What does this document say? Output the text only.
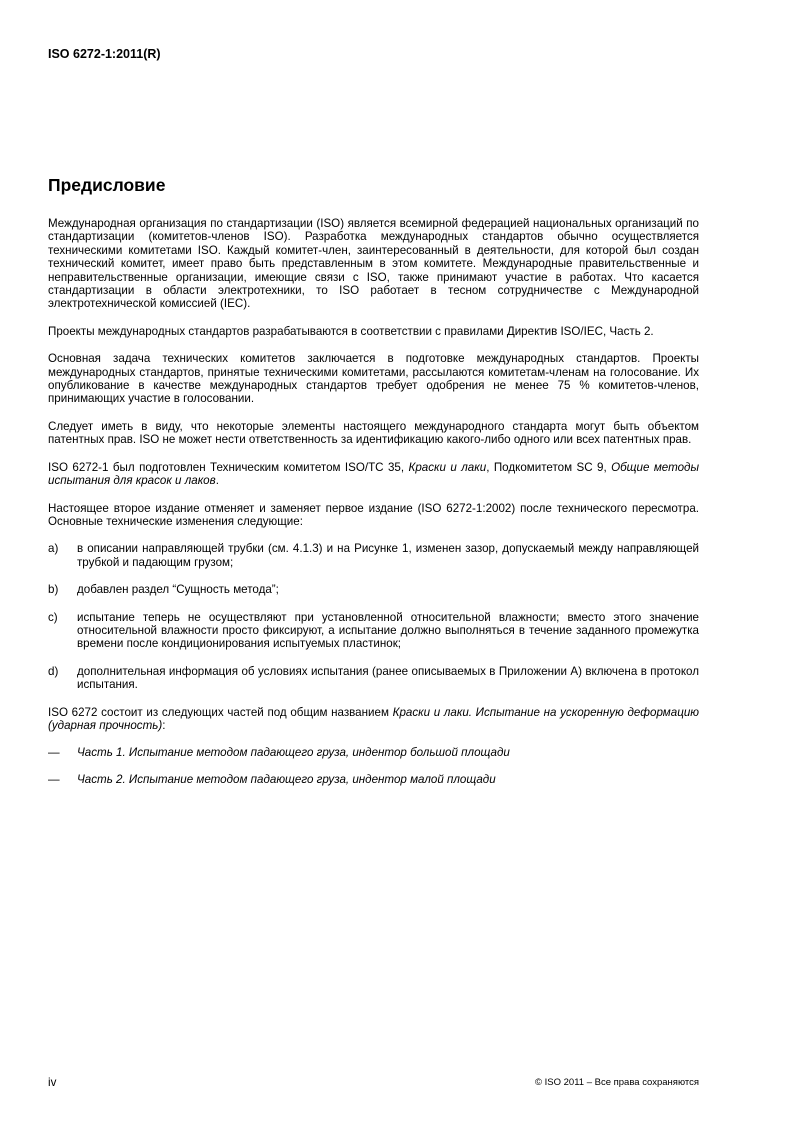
ISO 6272-1:2011(R)

Предисловие

Международная организация по стандартизации (ISO) является всемирной федерацией национальных организаций по стандартизации (комитетов-членов ISO). Разработка международных стандартов обычно осуществляется техническими комитетами ISO. Каждый комитет-член, заинтересованный в деятельности, для которой был создан технический комитет, имеет право быть представленным в этом комитете. Международные правительственные и неправительственные организации, имеющие связи с ISO, также принимают участие в работах. Что касается стандартизации в области электротехники, то ISO работает в тесном сотрудничестве с Международной электротехнической комиссией (IEC).

Проекты международных стандартов разрабатываются в соответствии с правилами Директив ISO/IEC, Часть 2.

Основная задача технических комитетов заключается в подготовке международных стандартов. Проекты международных стандартов, принятые техническими комитетами, рассылаются комитетам-членам на голосование. Их опубликование в качестве международных стандартов требует одобрения не менее 75 % комитетов-членов, принимающих участие в голосовании.

Следует иметь в виду, что некоторые элементы настоящего международного стандарта могут быть объектом патентных прав. ISO не может нести ответственность за идентификацию какого-либо одного или всех патентных прав.

ISO 6272-1 был подготовлен Техническим комитетом ISO/TC 35, Краски и лаки, Подкомитетом SC 9, Общие методы испытания для красок и лаков.

Настоящее второе издание отменяет и заменяет первое издание (ISO 6272-1:2002) после технического пересмотра. Основные технические изменения следующие:

a)	в описании направляющей трубки (см. 4.1.3) и на Рисунке 1, изменен зазор, допускаемый между направляющей трубкой и падающим грузом;
b)	добавлен раздел “Сущность метода”;
c)	испытание теперь не осуществляют при установленной относительной влажности; вместо этого значение относительной влажности просто фиксируют, а испытание должно выполняться в течение заданного промежутка времени после кондиционирования испытуемых пластинок;
d)	дополнительная информация об условиях испытания (ранее описываемых в Приложении A) включена в протокол испытания.

ISO 6272 состоит из следующих частей под общим названием Краски и лаки. Испытание на ускоренную деформацию (ударная прочность):

—	Часть 1. Испытание методом падающего груза, индентор большой площади
—	Часть 2. Испытание методом падающего груза, индентор малой площади

iv	© ISO 2011 – Все права сохраняются
